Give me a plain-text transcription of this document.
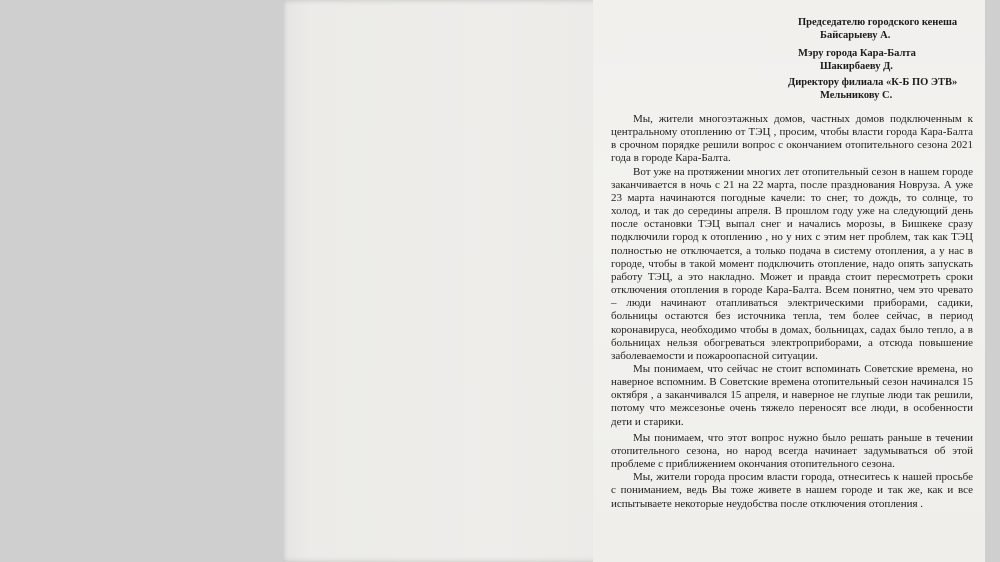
Председателю городского кенеша
Байсарыеву А.
Мэру города Кара-Балта
Шакирбаеву Д.
Директору филиала «К-Б ПО ЭТВ»
Мельникову С.

Мы, жители многоэтажных домов, частных домов подключенным к центральному отоплению от ТЭЦ , просим, чтобы власти города Кара-Балта в срочном порядке решили вопрос с окончанием отопительного сезона 2021 года в городе Кара-Балта.

Вот уже на протяжении многих лет отопительный сезон в нашем городе заканчивается в ночь с 21 на 22 марта, после празднования Новруза. А уже 23 марта начинаются погодные качели: то снег, то дождь, то солнце, то холод, и так до середины апреля. В прошлом году уже на следующий день после остановки ТЭЦ выпал снег и начались морозы, в Бишкеке сразу подключили город к отоплению , но у них с этим нет проблем, так как ТЭЦ полностью не отключается, а только подача в систему отопления, а у нас в городе, чтобы в такой момент подключить отопление, надо опять запускать работу ТЭЦ, а это накладно. Может и правда стоит пересмотреть сроки отключения отопления в городе Кара-Балта. Всем понятно, чем это чревато – люди начинают отапливаться электрическими приборами, садики, больницы остаются без источника тепла, тем более сейчас, в период коронавируса, необходимо чтобы в домах, больницах, садах было тепло, а в больницах нельзя обогреваться электроприборами, а отсюда повышение заболеваемости и пожароопасной ситуации.

Мы понимаем, что сейчас не стоит вспоминать Советские времена, но наверное вспомним. В Советские времена отопительный сезон начинался 15 октября , а заканчивался 15 апреля, и наверное не глупые люди так решили, потому что межсезонье очень тяжело переносят все люди, в особенности дети и старики.

Мы понимаем, что этот вопрос нужно было решать раньше в течении отопительного сезона, но народ всегда начинает задумываться об этой проблеме с приближением окончания отопительного сезона.

Мы, жители города просим власти города, отнеситесь к нашей просьбе с пониманием, ведь Вы тоже живете в нашем городе и так же, как и все испытываете некоторые неудобства после отключения отопления .
